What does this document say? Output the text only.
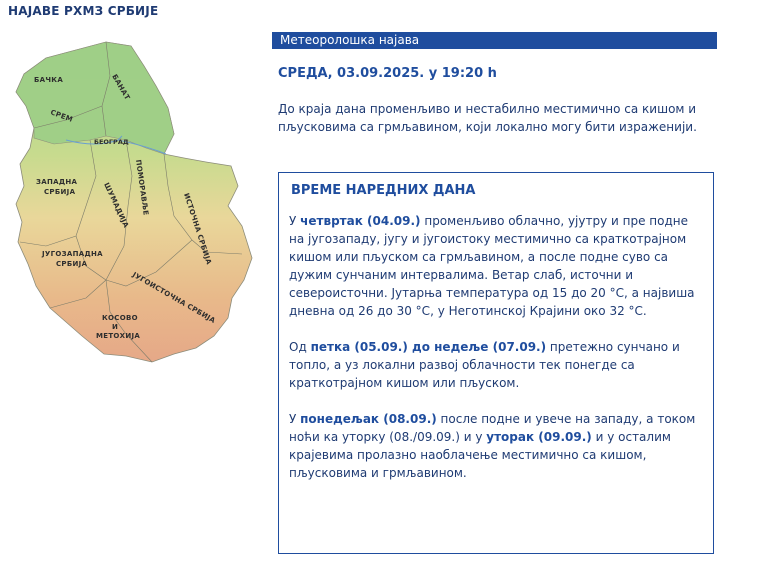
НАЈАВЕ РХМЗ СРБИЈЕ
БАЧКА	БАНАТ
СРЕМ
БЕОГРАД
ПОМОРАВЉЕ
ШУМАДИЈА
ЗАПАДНА
СРБИЈА
ИСТОЧНА СРБИЈА
ЈУГОЗАПАДНА
СРБИЈА
ЈУГОИСТОЧНА СРБИЈА
КОСОВО
И
МЕТОХИЈА
Метеоролошка најава
СРЕДА, 03.09.2025. у 19:20 h
До краја дана променљиво и нестабилно местимично са кишом и пљусковима са грмљавином, који локално могу бити израженији.
ВРЕМЕ НАРЕДНИХ ДАНА

У четвртак (04.09.) променљиво облачно, ујутру и пре подне на југозападу, југу и југоистоку местимично са краткотрајном кишом или пљуском са грмљавином, а после подне суво са дужим сунчаним интервалима. Ветар слаб, источни и североисточни. Јутарња температура од 15 до 20 °C, а највиша дневна од 26 до 30 °C, у Неготинској Крајини око 32 °C.

Од петка (05.09.) до недеље (07.09.) претежно сунчано и топло, а уз локални развој облачности тек понегде са краткотрајном кишом или пљуском.

У понедељак (08.09.) после подне и увече на западу, а током ноћи ка уторку (08./09.09.) и у уторак (09.09.) и у осталим крајевима пролазно наоблачење местимично са кишом, пљусковима и грмљавином.
